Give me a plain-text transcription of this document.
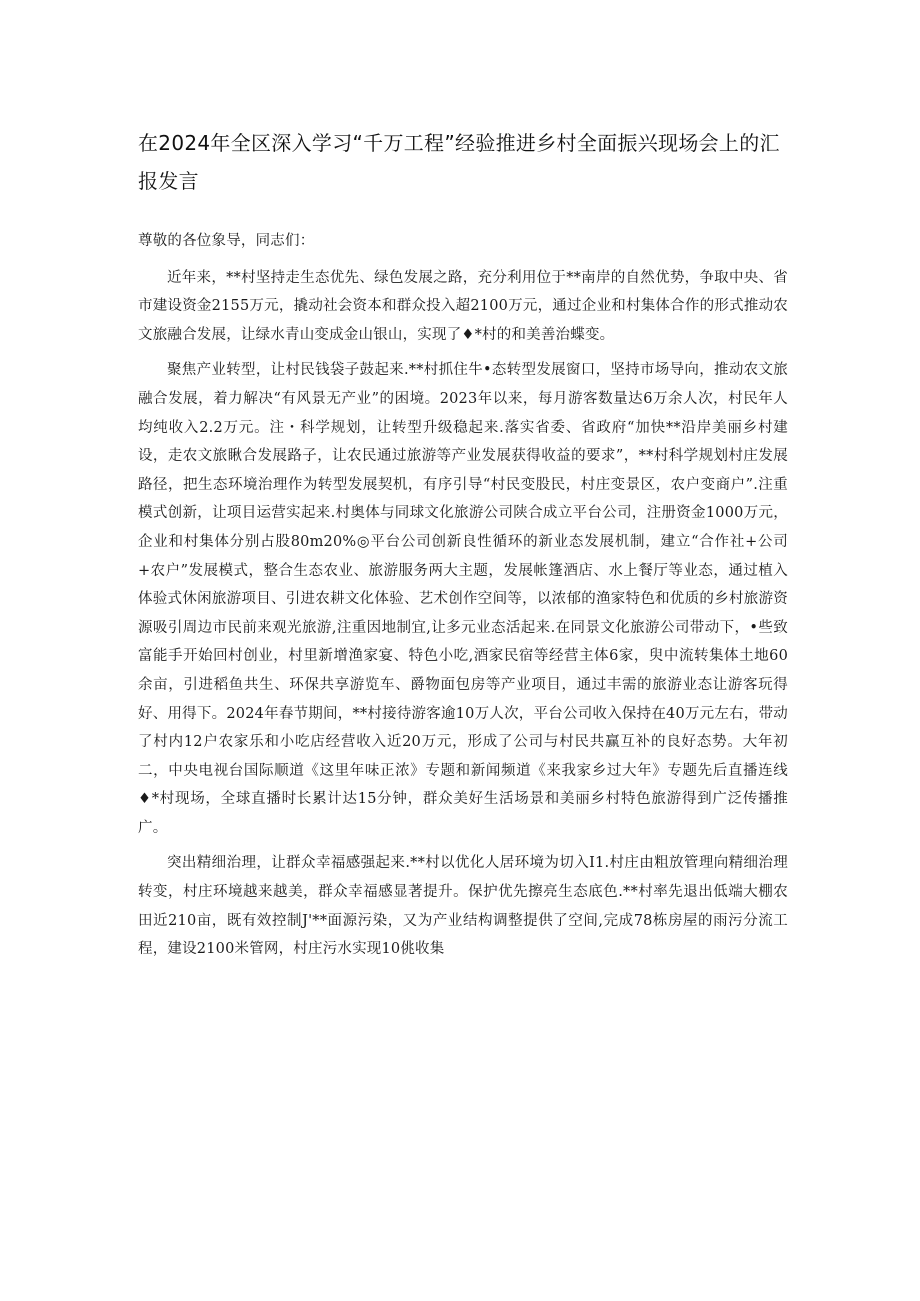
在2024年全区深入学习“千万工程”经验推进乡村全面振兴现场会上的汇报发言

尊敬的各位象导，同志们：

近年来，**村坚持走生态优先、绿色发展之路，充分利用位于**南岸的自然优势，争取中央、省市建设资金2155万元，撬动社会资本和群众投入超2100万元，通过企业和村集体合作的形式推动农文旅融合发展，让绿水青山变成金山银山，实现了♦*村的和美善治蝶变。

聚焦产业转型，让村民钱袋子鼓起来.**村抓住牛•态转型发展窗口，坚持市场导向，推动农文旅融合发展，着力解决“有风景无产业”的困境。2023年以来，每月游客数量达6万余人次，村民年人均纯收入2.2万元。注・科学规划，让转型升级稳起来.落实省委、省政府“加快**沿岸美丽乡村建设，走农文旅瞅合发展路子，让农民通过旅游等产业发展获得收益的要求”，**村科学规划村庄发展路径，把生态环境治理作为转型发展契机，有序引导“村民变股民，村庄变景区，农户变商户”.注重模式创新，让项目运营实起来.村奥体与同球文化旅游公司陕合成立平台公司，注册资金1000万元，企业和村集体分别占股80m20%◎平台公司创新良性循环的新业态发展机制，建立“合作社+公司+农户”发展模式，整合生态农业、旅游服务两大主题，发展帐篷酒店、水上餐厅等业态，通过植入体验式休闲旅游项目、引进农耕文化体验、艺术创作空间等，以浓郁的渔家特色和优质的乡村旅游资源吸引周边市民前来观光旅游,注重因地制宜,让多元业态活起来.在同景文化旅游公司带动下，•些致富能手开始回村创业，村里新增渔家宴、特色小吃,酒家民宿等经营主体6家，臾中流转集体土地60余亩，引进稻鱼共生、环保共享游览车、爵物面包房等产业项目，通过丰需的旅游业态让游客玩得好、用得下。2024年春节期间，**村接待游客逾10万人次，平台公司收入保持在40万元左右，带动了村内12户农家乐和小吃店经营收入近20万元，形成了公司与村民共赢互补的良好态势。大年初二，中央电视台国际顺道《这里年味正浓》专题和新闻频道《来我家乡过大年》专题先后直播连线♦*村现场，全球直播时长累计达15分钟，群众美好生活场景和美丽乡村特色旅游得到广泛传播推广。

突出精细治理，让群众幸福感强起来.**村以优化人居环境为切入I1.村庄由粗放管理向精细治理转变，村庄环境越来越美，群众幸福感显著提升。保护优先擦亮生态底色.**村率先退出低端大棚农田近210亩，既有效控制J'**面源污染，又为产业结构调整提供了空间,完成78栋房屋的雨污分流工程，建设2100米管网，村庄污水实现10佻收集
